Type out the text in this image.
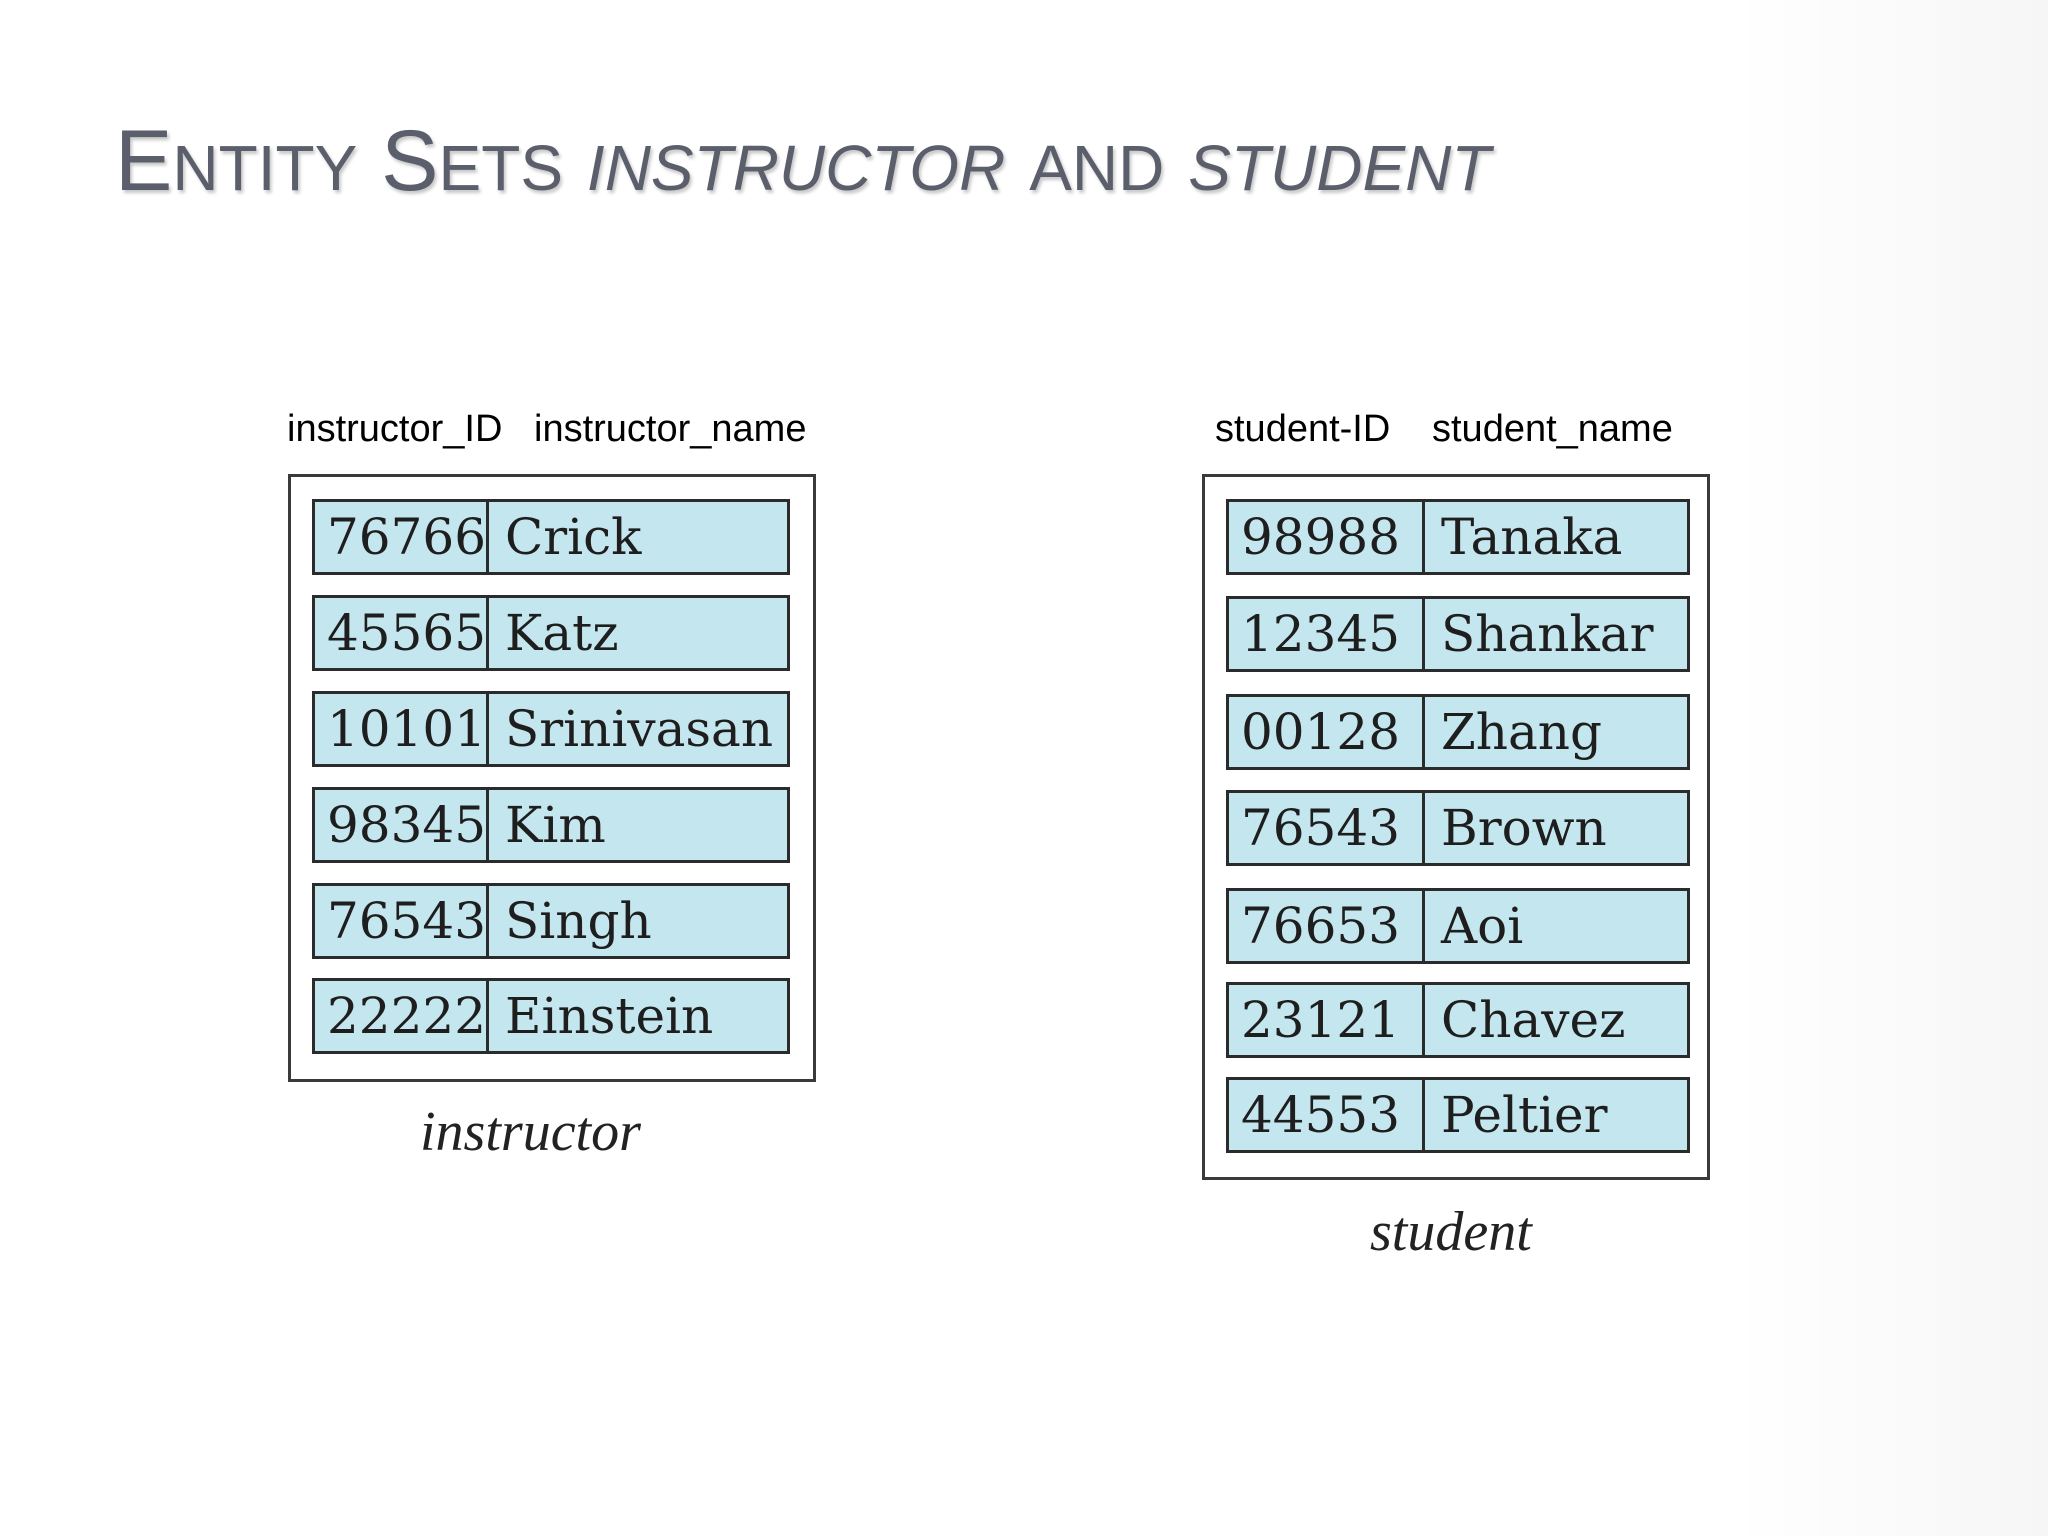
ENTITY SETS INSTRUCTOR AND STUDENT
instructor_ID instructor_name
instructor
student-ID student_name
student
76766 Crick
45565 Katz
10101 Srinivasan
98345 Kim
76543 Singh
22222 Einstein
98988 Tanaka
12345 Shankar
00128 Zhang
76543 Brown
76653 Aoi
23121 Chavez
44553 Peltier
